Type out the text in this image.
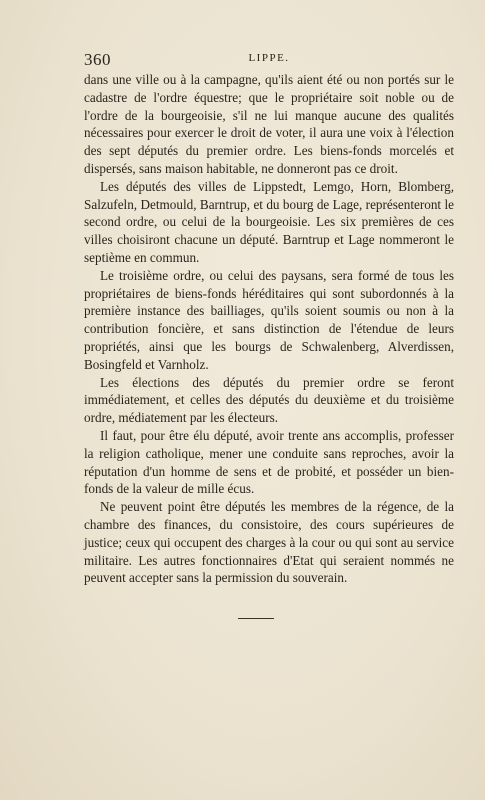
360	LIPPE.

dans une ville ou à la campagne, qu'ils aient été ou non portés sur le cadastre de l'ordre équestre; que le propriétaire soit noble ou de l'ordre de la bourgeoisie, s'il ne lui manque aucune des qualités nécessaires pour exercer le droit de voter, il aura une voix à l'élection des sept députés du premier ordre. Les biens-fonds morcelés et dispersés, sans maison habitable, ne donneront pas ce droit.

Les députés des villes de Lippstedt, Lemgo, Horn, Blomberg, Salzufeln, Detmould, Barntrup, et du bourg de Lage, représenteront le second ordre, ou celui de la bourgeoisie. Les six premières de ces villes choisiront chacune un député. Barntrup et Lage nommeront le septième en commun.

Le troisième ordre, ou celui des paysans, sera formé de tous les propriétaires de biens-fonds héréditaires qui sont subordonnés à la première instance des bailliages, qu'ils soient soumis ou non à la contribution foncière, et sans distinction de l'étendue de leurs propriétés, ainsi que les bourgs de Schwalenberg, Alverdissen, Bosingfeld et Varnholz.

Les élections des députés du premier ordre se feront immédiatement, et celles des députés du deuxième et du troisième ordre, médiatement par les électeurs.

Il faut, pour être élu député, avoir trente ans accomplis, professer la religion catholique, mener une conduite sans reproches, avoir la réputation d'un homme de sens et de probité, et posséder un bien-fonds de la valeur de mille écus.

Ne peuvent point être députés les membres de la régence, de la chambre des finances, du consistoire, des cours supérieures de justice; ceux qui occupent des charges à la cour ou qui sont au service militaire. Les autres fonctionnaires d'Etat qui seraient nommés ne peuvent accepter sans la permission du souverain.
